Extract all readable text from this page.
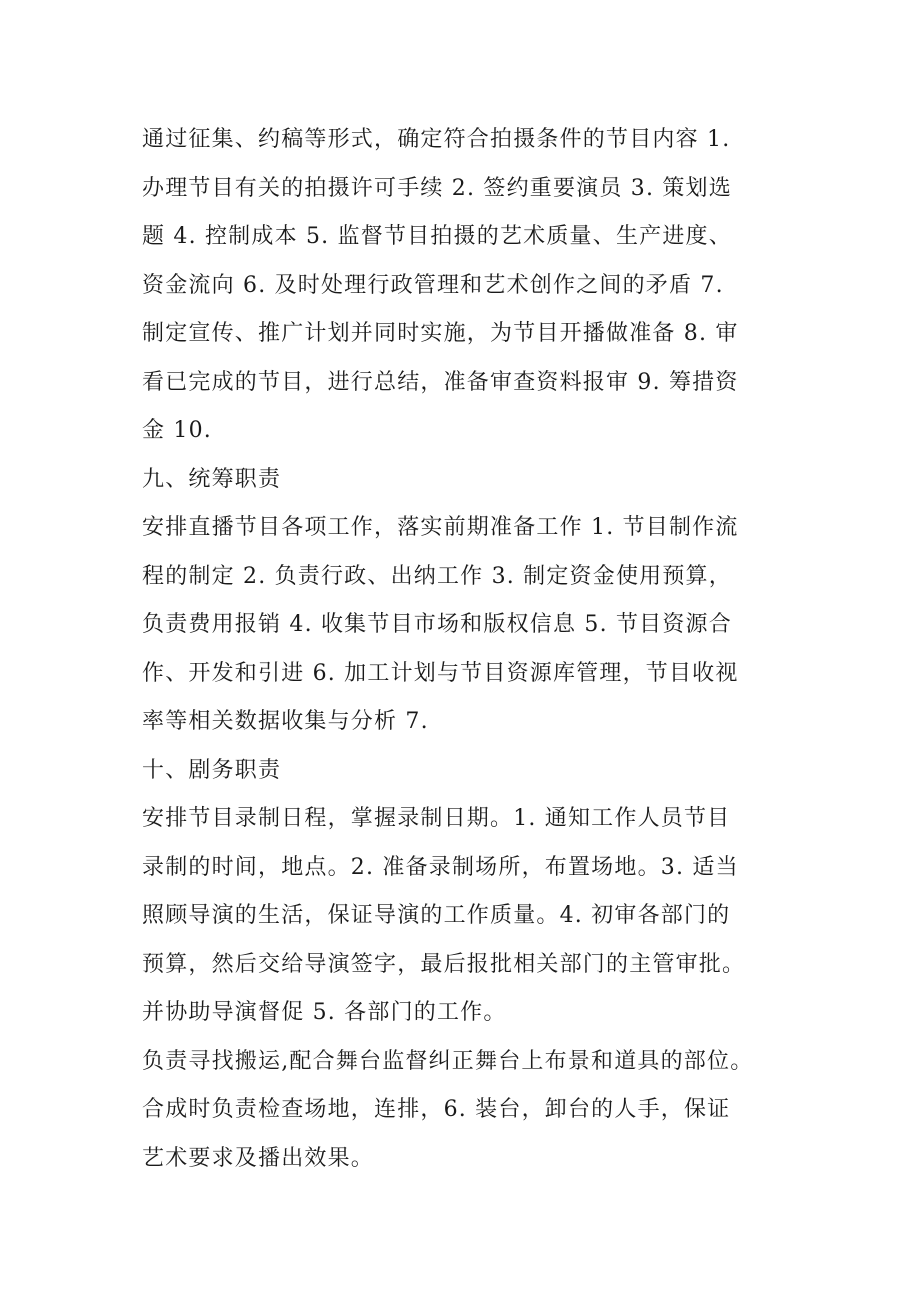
通过征集、约稿等形式，确定符合拍摄条件的节目内容 1.
办理节目有关的拍摄许可手续 2. 签约重要演员 3. 策划选
题 4. 控制成本 5. 监督节目拍摄的艺术质量、生产进度、
资金流向 6. 及时处理行政管理和艺术创作之间的矛盾 7.
制定宣传、推广计划并同时实施，为节目开播做准备 8. 审
看已完成的节目，进行总结，准备审查资料报审 9. 筹措资
金 10.
九、统筹职责
安排直播节目各项工作，落实前期准备工作 1. 节目制作流
程的制定 2. 负责行政、出纳工作 3. 制定资金使用预算，
负责费用报销 4. 收集节目市场和版权信息 5. 节目资源合
作、开发和引进 6. 加工计划与节目资源库管理，节目收视
率等相关数据收集与分析 7.
十、剧务职责
安排节目录制日程，掌握录制日期。1. 通知工作人员节目
录制的时间，地点。2. 准备录制场所，布置场地。3. 适当
照顾导演的生活，保证导演的工作质量。4. 初审各部门的
预算，然后交给导演签字，最后报批相关部门的主管审批。
并协助导演督促 5. 各部门的工作。
负责寻找搬运,配合舞台监督纠正舞台上布景和道具的部位。
合成时负责检查场地，连排，6. 装台，卸台的人手，保证
艺术要求及播出效果。
